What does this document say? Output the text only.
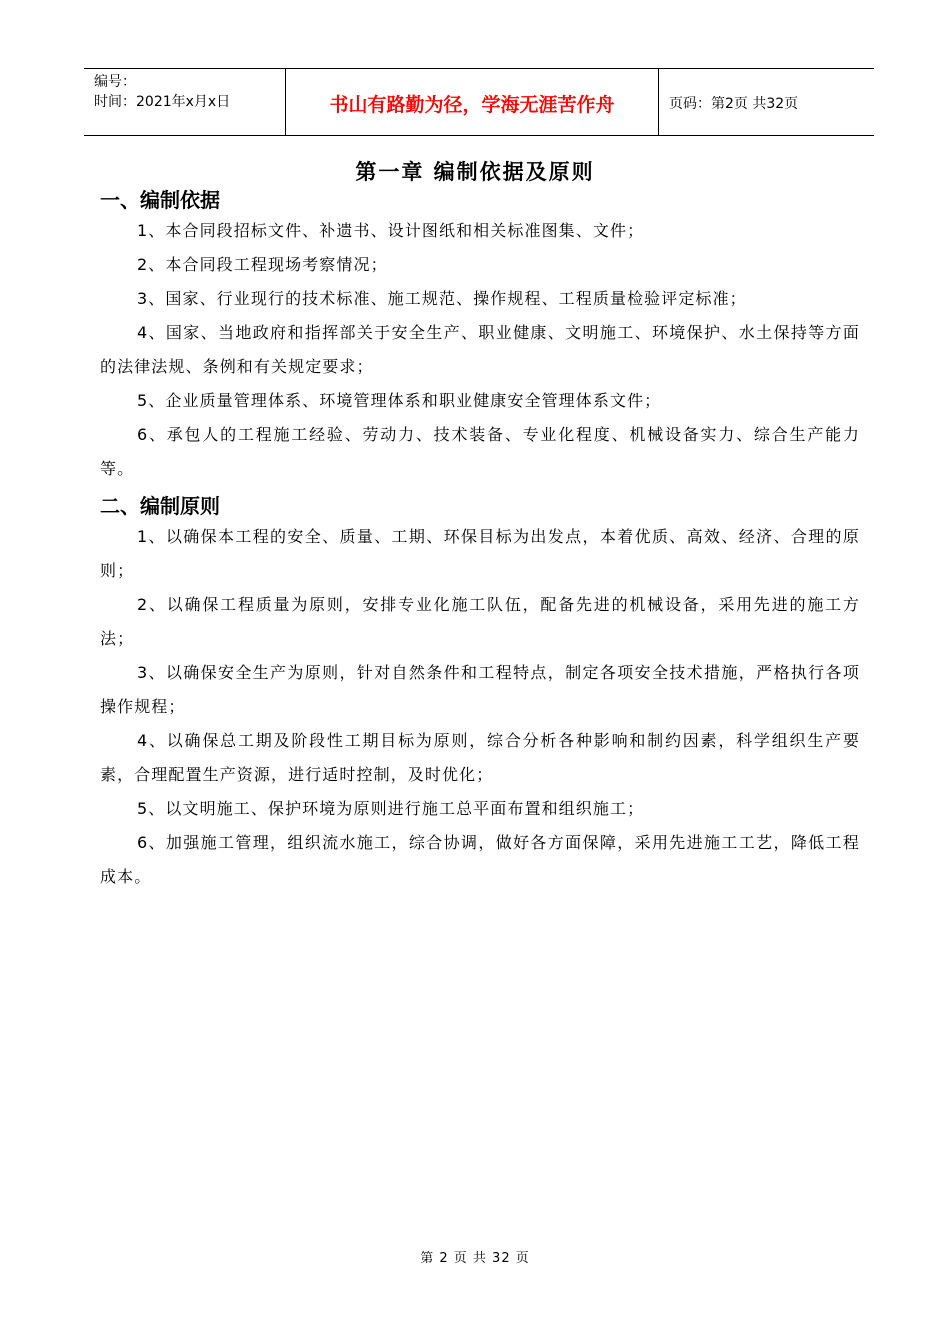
编号：
时间：2021年x月x日	书山有路勤为径，学海无涯苦作舟	页码：第2页 共32页
第一章 编制依据及原则
一、编制依据

1、本合同段招标文件、补遗书、设计图纸和相关标准图集、文件；

2、本合同段工程现场考察情况；

3、国家、行业现行的技术标准、施工规范、操作规程、工程质量检验评定标准；

4、国家、当地政府和指挥部关于安全生产、职业健康、文明施工、环境保护、水土保持等方面的法律法规、条例和有关规定要求；

5、企业质量管理体系、环境管理体系和职业健康安全管理体系文件；

6、承包人的工程施工经验、劳动力、技术装备、专业化程度、机械设备实力、综合生产能力等。

二、编制原则

1、以确保本工程的安全、质量、工期、环保目标为出发点，本着优质、高效、经济、合理的原则；

2、以确保工程质量为原则，安排专业化施工队伍，配备先进的机械设备，采用先进的施工方法；

3、以确保安全生产为原则，针对自然条件和工程特点，制定各项安全技术措施，严格执行各项操作规程；

4、以确保总工期及阶段性工期目标为原则，综合分析各种影响和制约因素，科学组织生产要素，合理配置生产资源，进行适时控制，及时优化；

5、以文明施工、保护环境为原则进行施工总平面布置和组织施工；

6、加强施工管理，组织流水施工，综合协调，做好各方面保障，采用先进施工工艺，降低工程成本。

第 2 页 共 32 页
